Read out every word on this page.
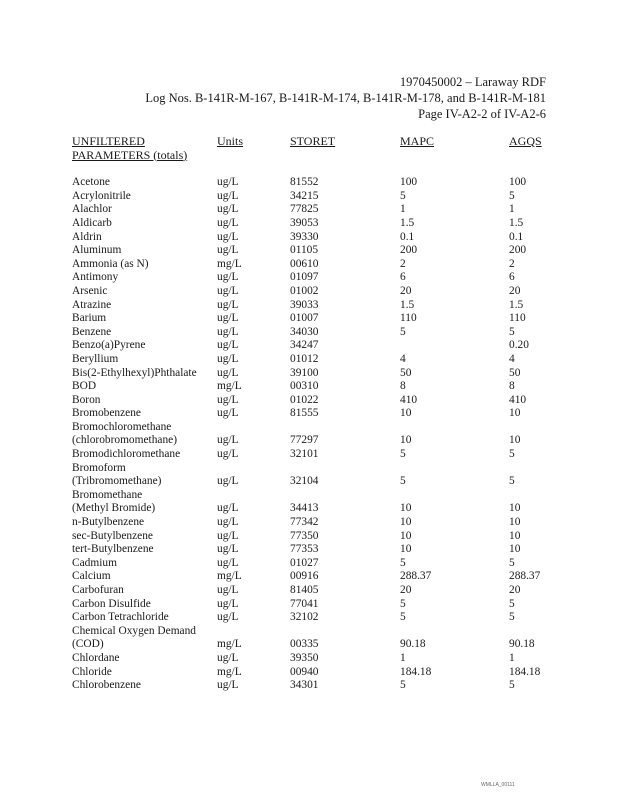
1970450002 – Laraway RDF
Log Nos. B-141R-M-167, B-141R-M-174, B-141R-M-178, and B-141R-M-181
Page IV-A2-2 of IV-A2-6
UNFILTERED	Units	STORET	MAPC	AGQS
PARAMETERS (totals)				

Acetone	ug/L	81552	100	100
Acrylonitrile	ug/L	34215	5	5
Alachlor	ug/L	77825	1	1
Aldicarb	ug/L	39053	1.5	1.5
Aldrin	ug/L	39330	0.1	0.1
Aluminum	ug/L	01105	200	200
Ammonia (as N)	mg/L	00610	2	2
Antimony	ug/L	01097	6	6
Arsenic	ug/L	01002	20	20
Atrazine	ug/L	39033	1.5	1.5
Barium	ug/L	01007	110	110
Benzene	ug/L	34030	5	5
Benzo(a)Pyrene	ug/L	34247		0.20
Beryllium	ug/L	01012	4	4
Bis(2-Ethylhexyl)Phthalate	ug/L	39100	50	50
BOD	mg/L	00310	8	8
Boron	ug/L	01022	410	410
Bromobenzene	ug/L	81555	10	10
Bromochloromethane				
(chlorobromomethane)	ug/L	77297	10	10
Bromodichloromethane	ug/L	32101	5	5
Bromoform				
(Tribromomethane)	ug/L	32104	5	5
Bromomethane				
(Methyl Bromide)	ug/L	34413	10	10
n-Butylbenzene	ug/L	77342	10	10
sec-Butylbenzene	ug/L	77350	10	10
tert-Butylbenzene	ug/L	77353	10	10
Cadmium	ug/L	01027	5	5
Calcium	mg/L	00916	288.37	288.37
Carbofuran	ug/L	81405	20	20
Carbon Disulfide	ug/L	77041	5	5
Carbon Tetrachloride	ug/L	32102	5	5
Chemical Oxygen Demand				
(COD)	mg/L	00335	90.18	90.18
Chlordane	ug/L	39350	1	1
Chloride	mg/L	00940	184.18	184.18
Chlorobenzene	ug/L	34301	5	5
WMLLA_00111
